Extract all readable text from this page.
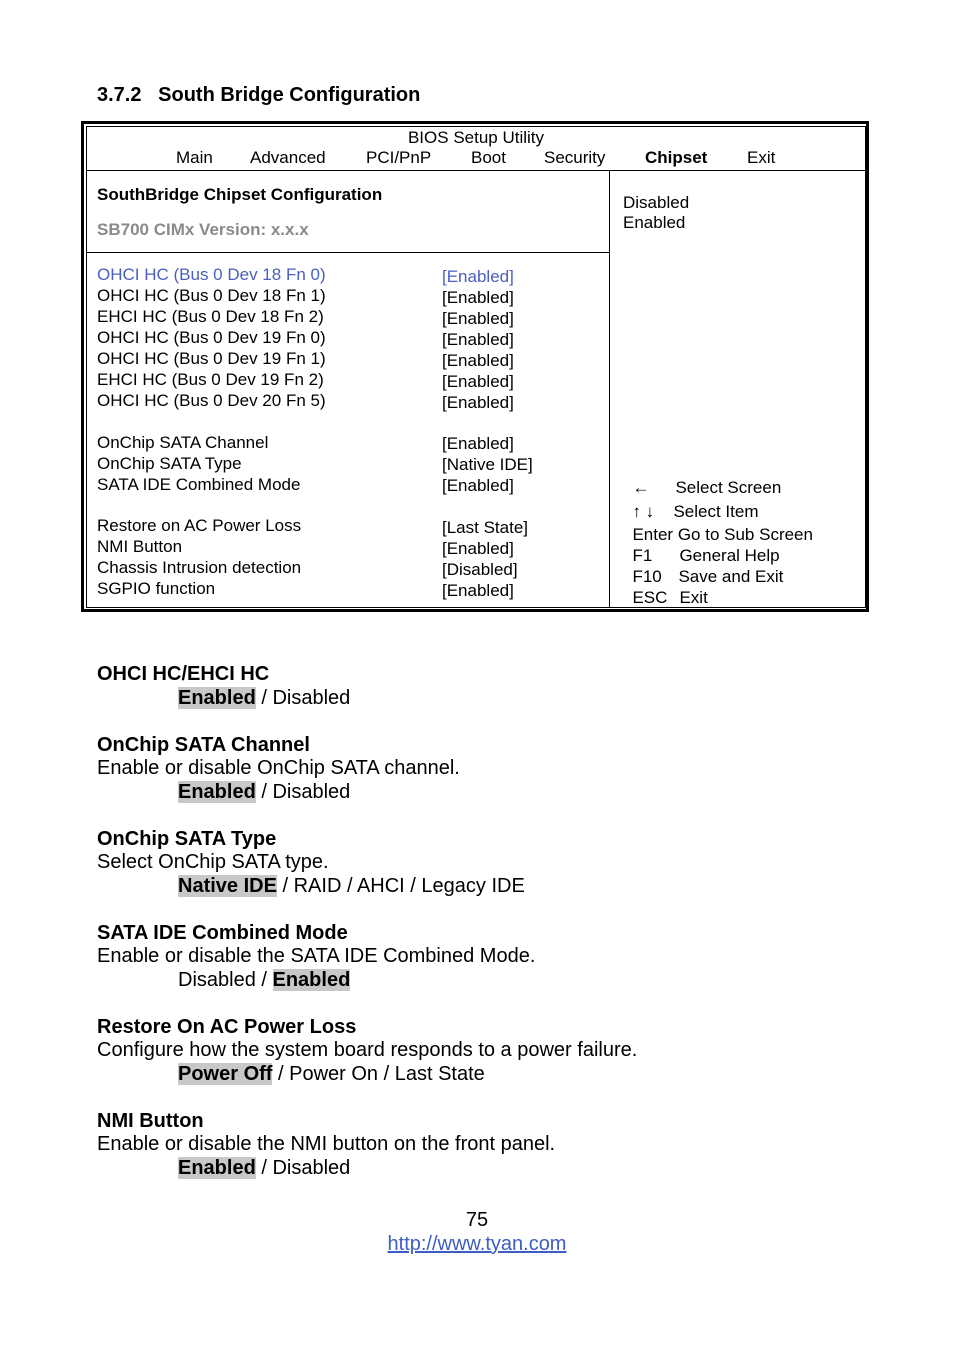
3.7.2   South Bridge Configuration
BIOS Setup Utility
Main Advanced PCI/PnP Boot Security Chipset Exit
SouthBridge Chipset Configuration
SB700 CIMx Version: x.x.x
OHCI HC (Bus 0 Dev 18 Fn 0)	[Enabled]
OHCI HC (Bus 0 Dev 18 Fn 1)	[Enabled]
EHCI HC (Bus 0 Dev 18 Fn 2)	[Enabled]
OHCI HC (Bus 0 Dev 19 Fn 0)	[Enabled]
OHCI HC (Bus 0 Dev 19 Fn 1)	[Enabled]
EHCI HC (Bus 0 Dev 19 Fn 2)	[Enabled]
OHCI HC (Bus 0 Dev 20 Fn 5)	[Enabled]
OnChip SATA Channel	[Enabled]
OnChip SATA Type	[Native IDE]
SATA IDE Combined Mode	[Enabled]
Restore on AC Power Loss	[Last State]
NMI Button	[Enabled]
Chassis Intrusion detection	[Disabled]
SGPIO function	[Enabled]
Disabled
Enabled

← Select Screen

↑ ↓ Select Item

Enter Go to Sub Screen

F1 General Help

F10 Save and Exit

ESC Exit

OHCI HC/EHCI HC
Enabled / Disabled
OnChip SATA Channel
Enable or disable OnChip SATA channel.
Enabled / Disabled
OnChip SATA Type
Select OnChip SATA type.
Native IDE / RAID / AHCI / Legacy IDE
SATA IDE Combined Mode
Enable or disable the SATA IDE Combined Mode.
Disabled / Enabled
Restore On AC Power Loss
Configure how the system board responds to a power failure.
Power Off / Power On / Last State
NMI Button
Enable or disable the NMI button on the front panel.
Enabled / Disabled
75
http://www.tyan.com
